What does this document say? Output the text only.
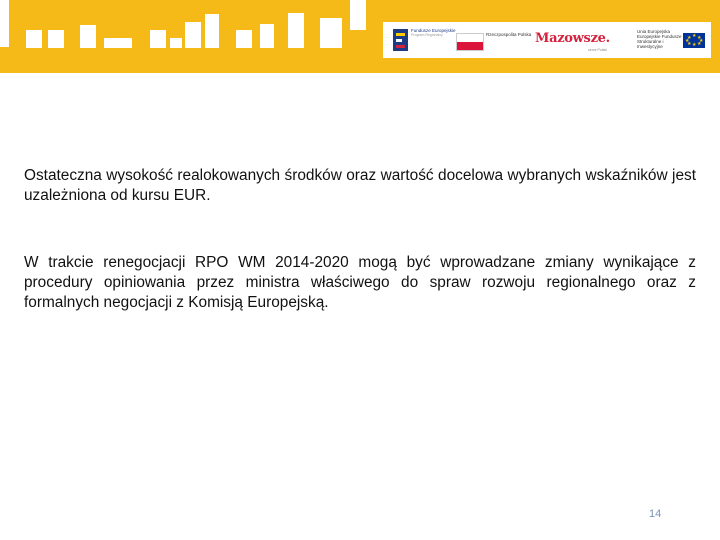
Fundusze Europejskie
Program Regionalny	Rzeczpospolita Polska Mazowsze.
serce Polski
Unia Europejska Europejskie Fundusze Strukturalne i Inwestycyjne
★ ★
★
★
★
★
★
★

Ostateczna wysokość realokowanych środków oraz wartość docelowa wybranych wskaźników jest uzależniona od kursu EUR.

W trakcie renegocjacji RPO WM 2014-2020 mogą być wprowadzane zmiany wynikające z procedury opiniowania przez ministra właściwego do spraw rozwoju regionalnego oraz z formalnych negocjacji z Komisją Europejską.

14
